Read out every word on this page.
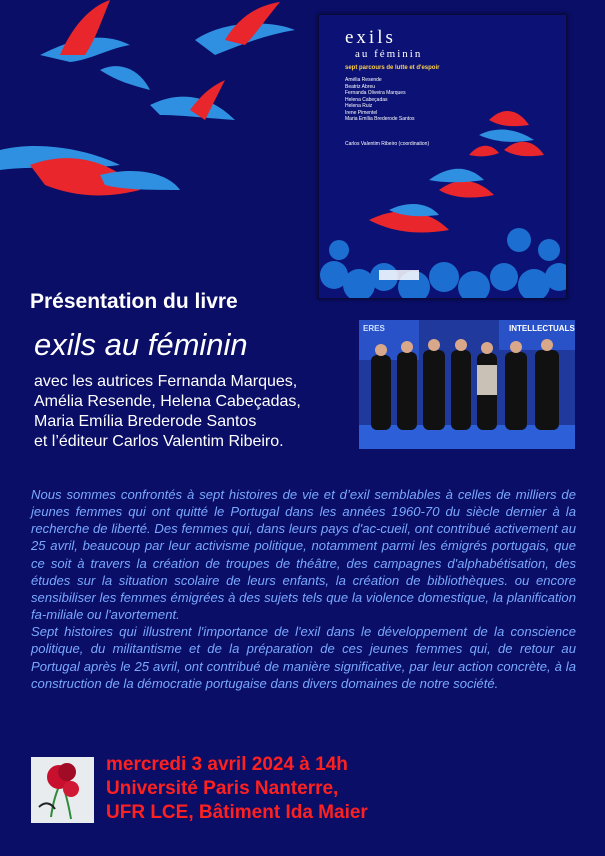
exils
au féminin
sept parcours de lutte et d'espoir
Amélia Resende
Beatriz Abreu
Fernanda Oliveira Marques
Helena Cabeçadas
Helena Ruiz
Irene Pimentel
Maria Emília Brederode Santos
Carlos Valentim Ribeiro (coordination)
Présentation du livre
exils au féminin
avec les autrices Fernanda Marques,
Amélia Resende, Helena Cabeçadas,
Maria Emília Brederode Santos
et l’éditeur Carlos Valentim Ribeiro.
ERES	INTELLECTUALS

Nous sommes confrontés à sept histoires de vie et d’exil semblables à celles de milliers de jeunes femmes qui ont quitté le Portugal dans les années 1960-70 du siècle dernier à la recherche de liberté. Des femmes qui, dans leurs pays d'ac-cueil, ont contribué activement au 25 avril, beaucoup par leur activisme politique, notamment parmi les émigrés portugais, que ce soit à travers la création de troupes de théâtre, des campagnes d'alphabétisation, des études sur la situation scolaire de leurs enfants, la création de bibliothèques. ou encore sensibiliser les femmes émigrées à des sujets tels que la violence domestique, la planification fa-miliale ou l'avortement.

Sept histoires qui illustrent l'importance de l'exil dans le développement de la conscience politique, du militantisme et de la préparation de ces jeunes femmes qui, de retour au Portugal après le 25 avril, ont contribué de manière significative, par leur action concrète, à la construction de la démocratie portugaise dans divers domaines de notre société.

mercredi 3 avril 2024 à 14h
Université Paris Nanterre,
UFR LCE, Bâtiment Ida Maier
